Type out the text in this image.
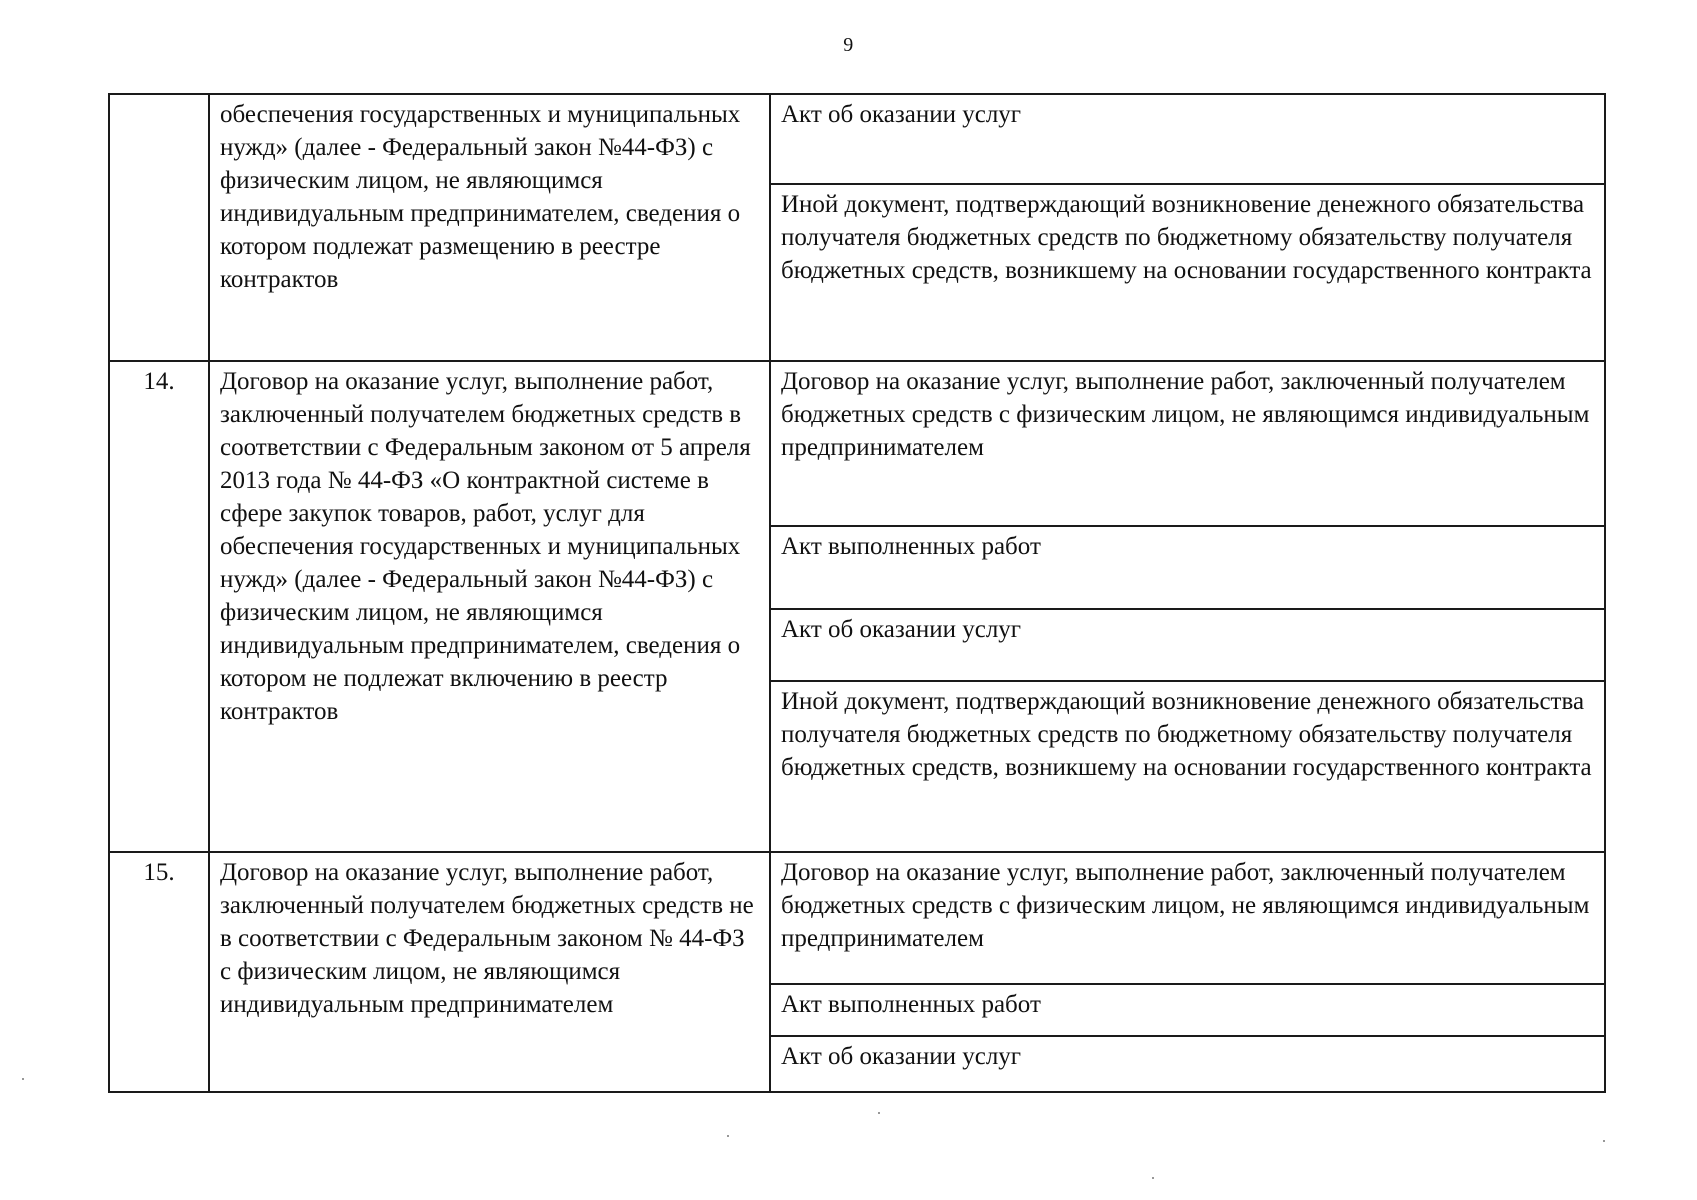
9
	обеспечения государственных и муниципальных нужд» (далее - Федеральный закон №44-ФЗ) с физическим лицом, не являющимся индивидуальным предпринимателем, сведения о котором подлежат размещению в реестре контрактов	Акт об оказании услуг
		Иной документ, подтверждающий возникновение денежного обязательства получателя бюджетных средств по бюджетному обязательству получателя бюджетных средств, возникшему на основании государственного контракта
14.	Договор на оказание услуг, выполнение работ, заключенный получателем бюджетных средств в соответствии с Федеральным законом от 5 апреля 2013 года № 44-ФЗ «О контрактной системе в сфере закупок товаров, работ, услуг для обеспечения государственных и муниципальных нужд» (далее - Федеральный закон №44-ФЗ) с физическим лицом, не являющимся индивидуальным предпринимателем, сведения о котором не подлежат включению в реестр контрактов	Договор на оказание услуг, выполнение работ, заключенный получателем бюджетных средств с физическим лицом, не являющимся индивидуальным предпринимателем
		Акт выполненных работ
		Акт об оказании услуг
		Иной документ, подтверждающий возникновение денежного обязательства получателя бюджетных средств по бюджетному обязательству получателя бюджетных средств, возникшему на основании государственного контракта
15.	Договор на оказание услуг, выполнение работ, заключенный получателем бюджетных средств не в соответствии с Федеральным законом № 44-ФЗ с физическим лицом, не являющимся индивидуальным предпринимателем	Договор на оказание услуг, выполнение работ, заключенный получателем бюджетных средств с физическим лицом, не являющимся индивидуальным предпринимателем
		Акт выполненных работ
		Акт об оказании услуг
